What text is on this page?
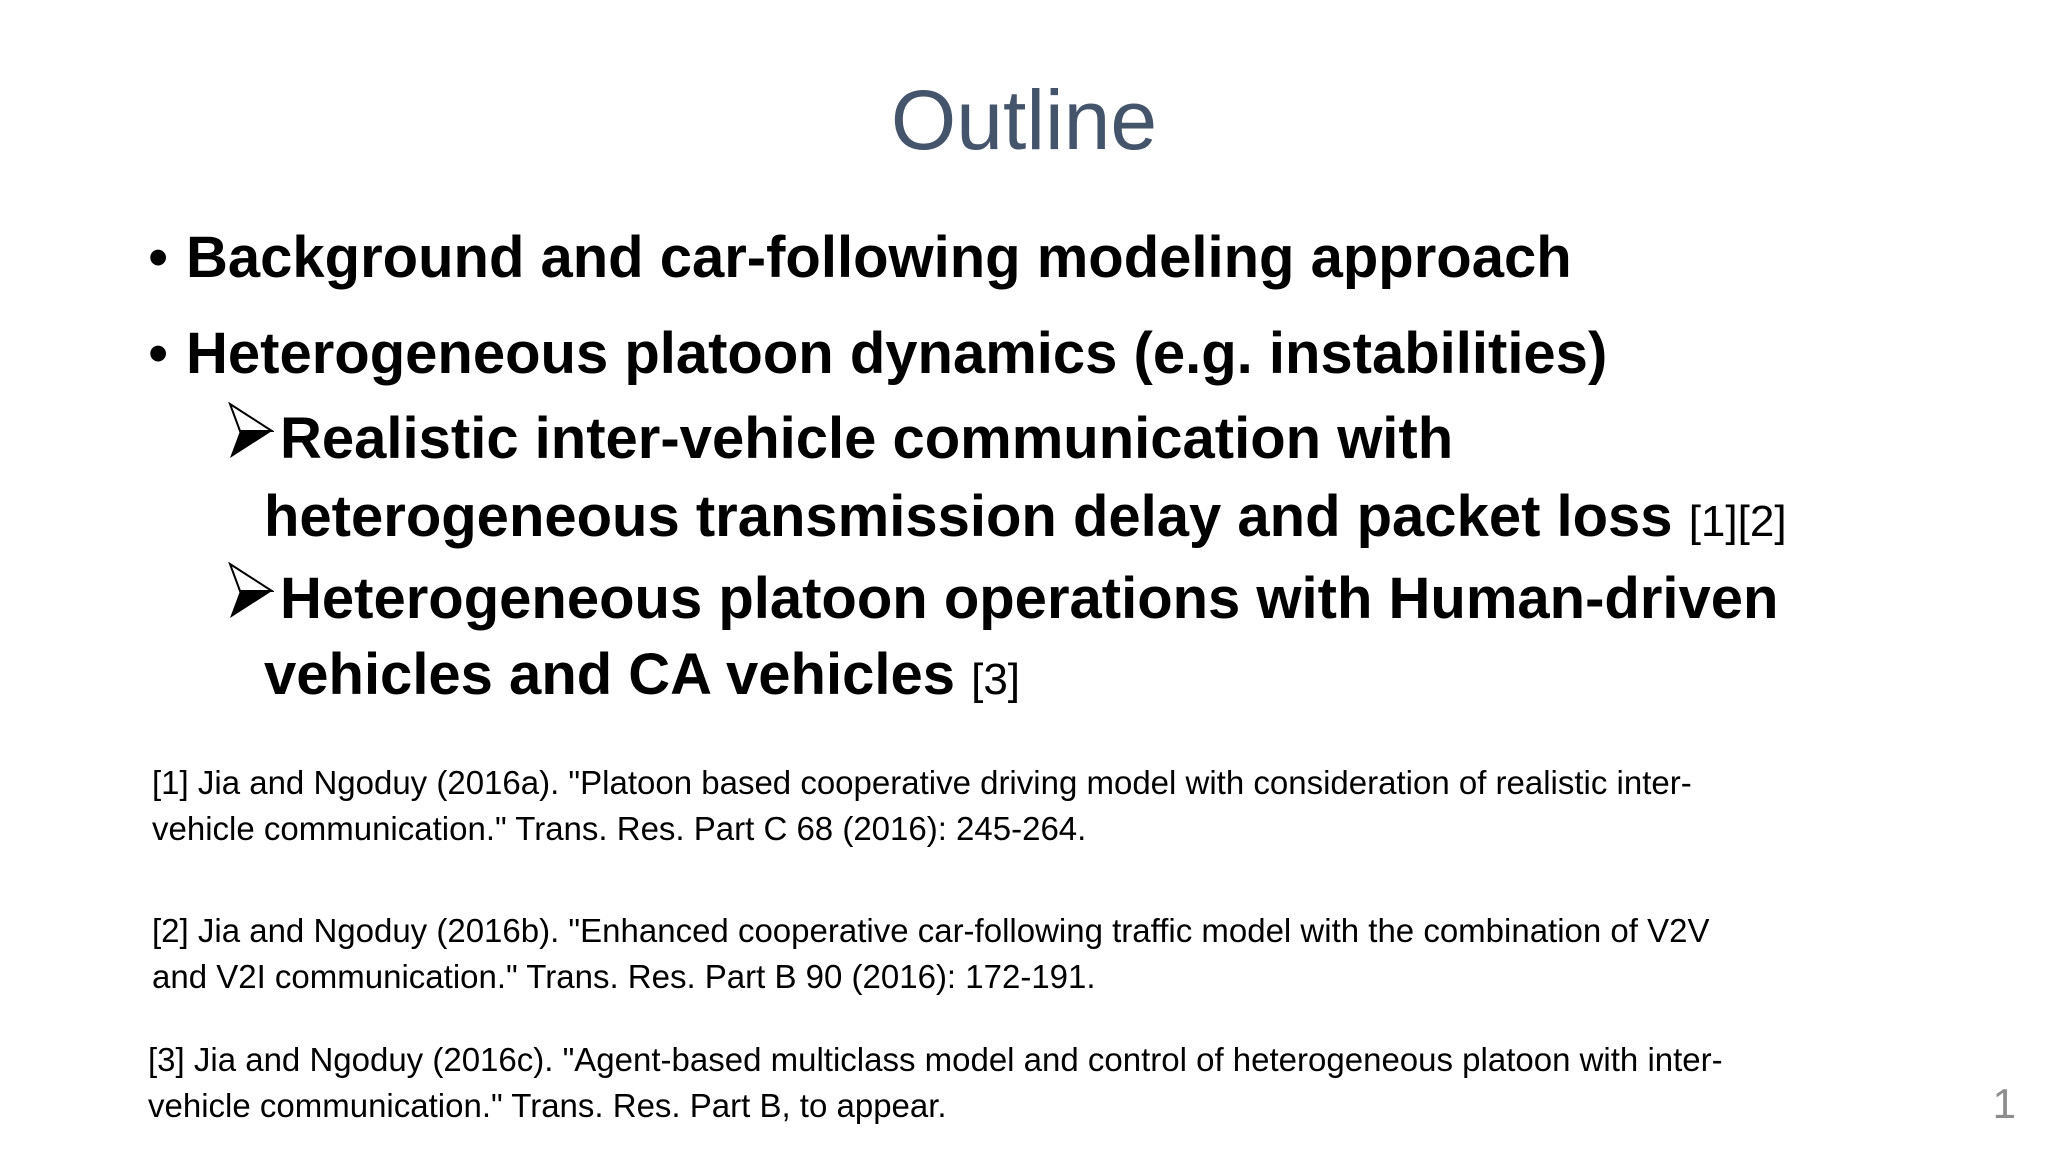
Outline
• Background and car-following modeling approach
• Heterogeneous platoon dynamics (e.g. instabilities)
Realistic inter-vehicle communication with
heterogeneous transmission delay and packet loss [1][2]
Heterogeneous platoon operations with Human-driven
vehicles and CA vehicles [3]
[1] Jia and Ngoduy (2016a). "Platoon based cooperative driving model with consideration of realistic inter-
vehicle communication." Trans. Res. Part C 68 (2016): 245-264.
[2] Jia and Ngoduy (2016b). "Enhanced cooperative car-following traffic model with the combination of V2V
and V2I communication." Trans. Res. Part B 90 (2016): 172-191.
[3] Jia and Ngoduy (2016c). "Agent-based multiclass model and control of heterogeneous platoon with inter-
vehicle communication." Trans. Res. Part B, to appear.	1
